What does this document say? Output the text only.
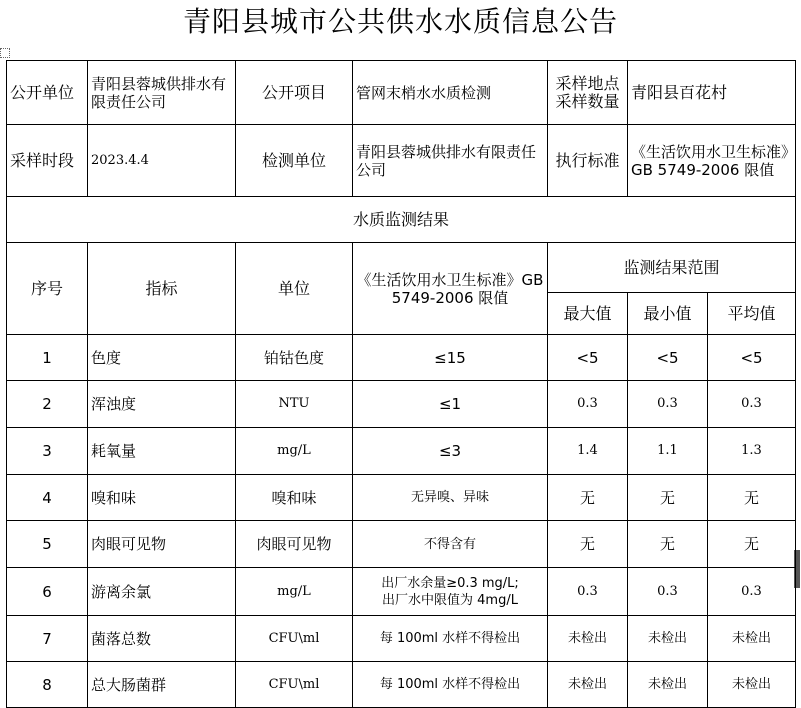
青阳县城市公共供水水质信息公告
公开单位	青阳县蓉城供排水有限责任公司	公开项目	管网末梢水水质检测	采样地点采样数量	青阳县百花村	
采样时段	2023.4.4	检测单位	青阳县蓉城供排水有限责任公司	执行标准	《生活饮用水卫生标准》GB 5749-2006 限值	
水质监测结果						
序号	指标	单位	《生活饮用水卫生标准》GB 5749-2006 限值	监测结果范围		
				最大值	最小值	平均值
1	色度	铂钴色度	≤15	<5	<5	<5
2	浑浊度	NTU	≤1	0.3	0.3	0.3
3	耗氧量	mg/L	≤3	1.4	1.1	1.3
4	嗅和味	嗅和味	无异嗅、异味	无	无	无
5	肉眼可见物	肉眼可见物	不得含有	无	无	无
6	游离余氯	mg/L	出厂水余量≥0.3 mg/L;
出厂水中限值为 4mg/L	0.3	0.3	0.3
7	菌落总数	CFU\ml	每 100ml 水样不得检出	未检出	未检出	未检出
8	总大肠菌群	CFU\ml	每 100ml 水样不得检出	未检出	未检出	未检出
